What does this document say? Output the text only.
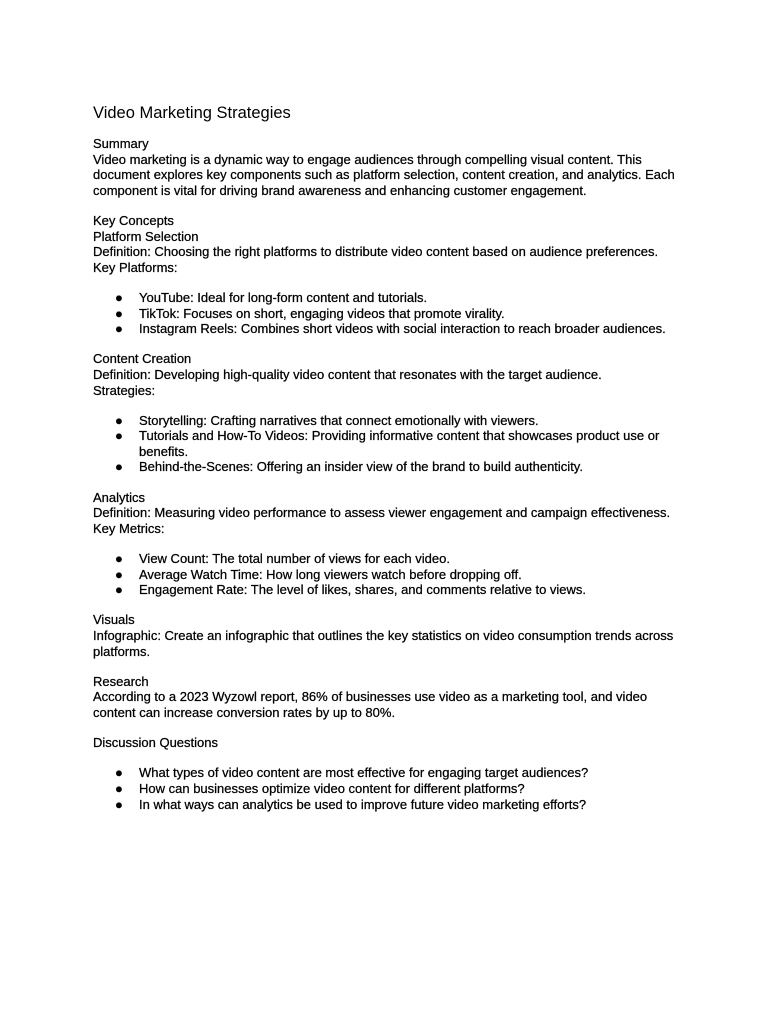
Video Marketing Strategies
Summary
Video marketing is a dynamic way to engage audiences through compelling visual content. This document explores key components such as platform selection, content creation, and analytics. Each component is vital for driving brand awareness and enhancing customer engagement.
Key Concepts
Platform Selection
Definition: Choosing the right platforms to distribute video content based on audience preferences.
Key Platforms:
● YouTube: Ideal for long-form content and tutorials.
● TikTok: Focuses on short, engaging videos that promote virality.
● Instagram Reels: Combines short videos with social interaction to reach broader audiences.
Content Creation
Definition: Developing high-quality video content that resonates with the target audience.
Strategies:
● Storytelling: Crafting narratives that connect emotionally with viewers.
● Tutorials and How-To Videos: Providing informative content that showcases product use or benefits.
● Behind-the-Scenes: Offering an insider view of the brand to build authenticity.
Analytics
Definition: Measuring video performance to assess viewer engagement and campaign effectiveness.
Key Metrics:
● View Count: The total number of views for each video.
● Average Watch Time: How long viewers watch before dropping off.
● Engagement Rate: The level of likes, shares, and comments relative to views.
Visuals
Infographic: Create an infographic that outlines the key statistics on video consumption trends across platforms.
Research
According to a 2023 Wyzowl report, 86% of businesses use video as a marketing tool, and video content can increase conversion rates by up to 80%.
Discussion Questions
● What types of video content are most effective for engaging target audiences?
● How can businesses optimize video content for different platforms?
● In what ways can analytics be used to improve future video marketing efforts?
